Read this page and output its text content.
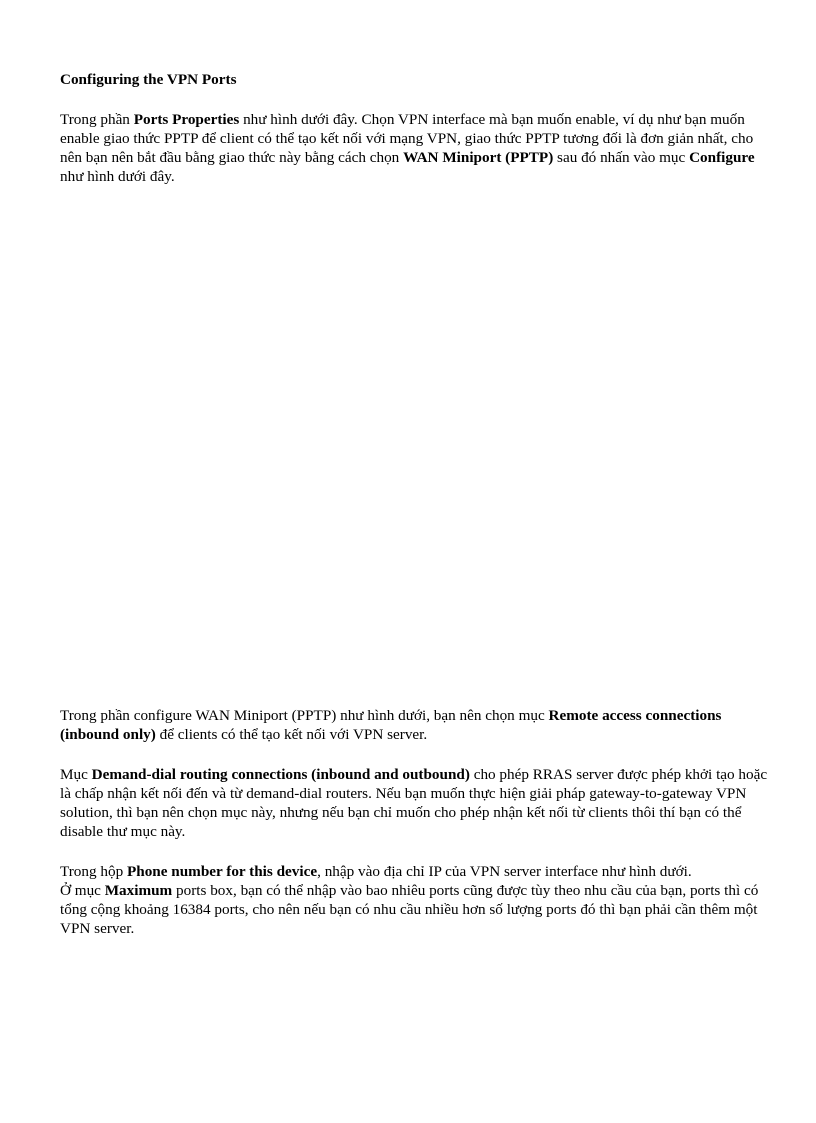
Configuring the VPN Ports

Trong phần Ports Properties như hình dưới đây. Chọn VPN interface mà bạn muốn enable, ví dụ như bạn muốn enable giao thức PPTP để client có thể tạo kết nối với mạng VPN, giao thức PPTP tương đối là đơn giản nhất, cho nên bạn nên bắt đầu bằng giao thức này bằng cách chọn WAN Miniport (PPTP) sau đó nhấn vào mục Configure như hình dưới đây.

Trong phần configure WAN Miniport (PPTP) như hình dưới, bạn nên chọn mục Remote access connections (inbound only) để clients có thể tạo kết nối với VPN server.

Mục Demand-dial routing connections (inbound and outbound) cho phép RRAS server được phép khởi tạo hoặc là chấp nhận kết nối đến và từ demand-dial routers. Nếu bạn muốn thực hiện giải pháp gateway-to-gateway VPN solution, thì bạn nên chọn mục này, nhưng nếu bạn chỉ muốn cho phép nhận kết nối từ clients thôi thí bạn có thể disable thư mục này.

Trong hộp Phone number for this device, nhập vào địa chỉ IP của VPN server interface như hình dưới.

Ở mục Maximum ports box, bạn có thể nhập vào bao nhiêu ports cũng được tùy theo nhu cầu của bạn, ports thì có tổng cộng khoảng 16384 ports, cho nên nếu bạn có nhu cầu nhiều hơn số lượng ports đó thì bạn phải cần thêm một VPN server.
